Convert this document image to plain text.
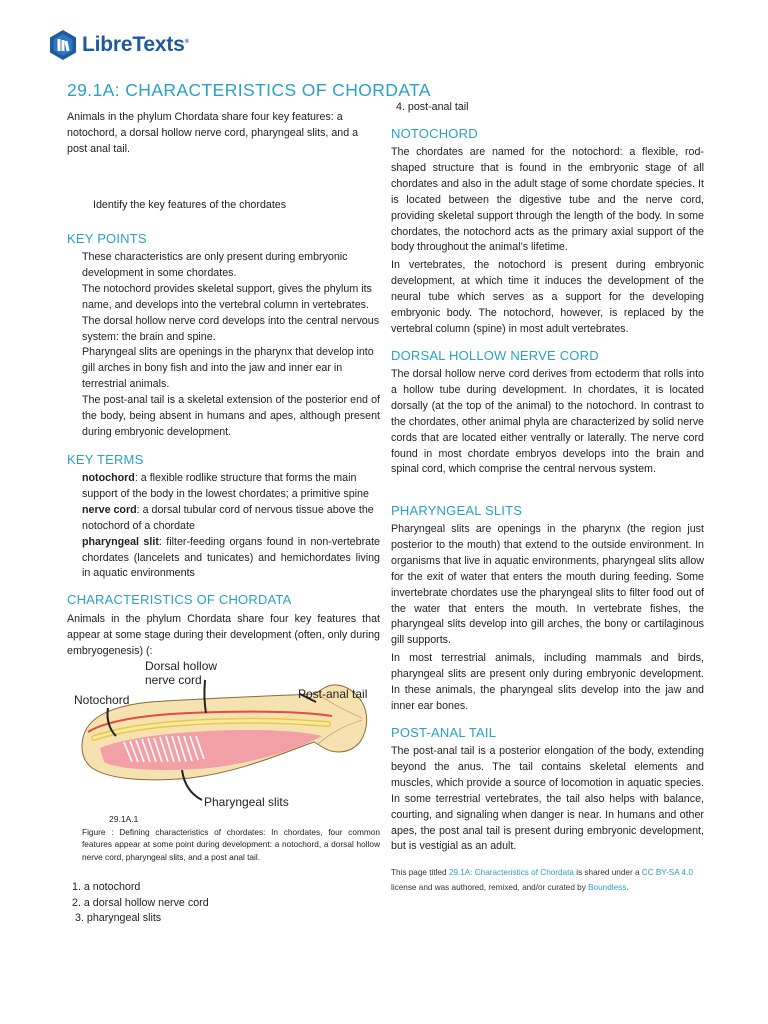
LibreTexts®
29.1A: CHARACTERISTICS OF CHORDATA
Animals in the phylum Chordata share four key features: a notochord, a dorsal hollow nerve cord, pharyngeal slits, and a post anal tail.
Identify the key features of the chordates
KEY POINTS
These characteristics are only present during embryonic development in some chordates.
The notochord provides skeletal support, gives the phylum its name, and develops into the vertebral column in vertebrates. The dorsal hollow nerve cord develops into the central nervous system: the brain and spine.
Pharyngeal slits are openings in the pharynx that develop into gill arches in bony fish and into the jaw and inner ear in terrestrial animals.
The post-anal tail is a skeletal extension of the posterior end of the body, being absent in humans and apes, although present during embryonic development.
KEY TERMS
notochord: a flexible rodlike structure that forms the main support of the body in the lowest chordates; a primitive spine nerve cord: a dorsal tubular cord of nervous tissue above the notochord of a chordate
pharyngeal slit: filter-feeding organs found in non-vertebrate chordates (lancelets and tunicates) and hemichordates living in aquatic environments
CHARACTERISTICS OF CHORDATA
Animals in the phylum Chordata share four key features that appear at some stage during their development (often, only during embryogenesis) (:
Notochord
Dorsal hollow
nerve cord
Post-anal tail
Pharyngeal slits
29.1A.1
Figure : Defining characteristics of chordates: In chordates, four common features appear at some point during development: a notochord, a dorsal hollow nerve cord, pharyngeal slits, and a post anal tail.
1. a notochord
2. a dorsal hollow nerve cord
3. pharyngeal slits
4. post-anal tail
NOTOCHORD
The chordates are named for the notochord: a flexible, rod-shaped structure that is found in the embryonic stage of all chordates and also in the adult stage of some chordate species. It is located between the digestive tube and the nerve cord, providing skeletal support through the length of the body. In some chordates, the notochord acts as the primary axial support of the body throughout the animal’s lifetime.
In vertebrates, the notochord is present during embryonic development, at which time it induces the development of the neural tube which serves as a support for the developing embryonic body. The notochord, however, is replaced by the vertebral column (spine) in most adult vertebrates.
DORSAL HOLLOW NERVE CORD
The dorsal hollow nerve cord derives from ectoderm that rolls into a hollow tube during development. In chordates, it is located dorsally (at the top of the animal) to the notochord. In contrast to the chordates, other animal phyla are characterized by solid nerve cords that are located either ventrally or laterally. The nerve cord found in most chordate embryos develops into the brain and spinal cord, which comprise the central nervous system.
PHARYNGEAL SLITS
Pharyngeal slits are openings in the pharynx (the region just posterior to the mouth) that extend to the outside environment. In organisms that live in aquatic environments, pharyngeal slits allow for the exit of water that enters the mouth during feeding. Some invertebrate chordates use the pharyngeal slits to filter food out of the water that enters the mouth. In vertebrate fishes, the pharyngeal slits develop into gill arches, the bony or cartilaginous gill supports.
In most terrestrial animals, including mammals and birds, pharyngeal slits are present only during embryonic development. In these animals, the pharyngeal slits develop into the jaw and inner ear bones.
POST-ANAL TAIL
The post-anal tail is a posterior elongation of the body, extending beyond the anus. The tail contains skeletal elements and muscles, which provide a source of locomotion in aquatic species. In some terrestrial vertebrates, the tail also helps with balance, courting, and signaling when danger is near. In humans and other apes, the post anal tail is present during embryonic development, but is vestigial as an adult.
This page titled 29.1A: Characteristics of Chordata is shared under a CC BY-SA 4.0 license and was authored, remixed, and/or curated by Boundless.
